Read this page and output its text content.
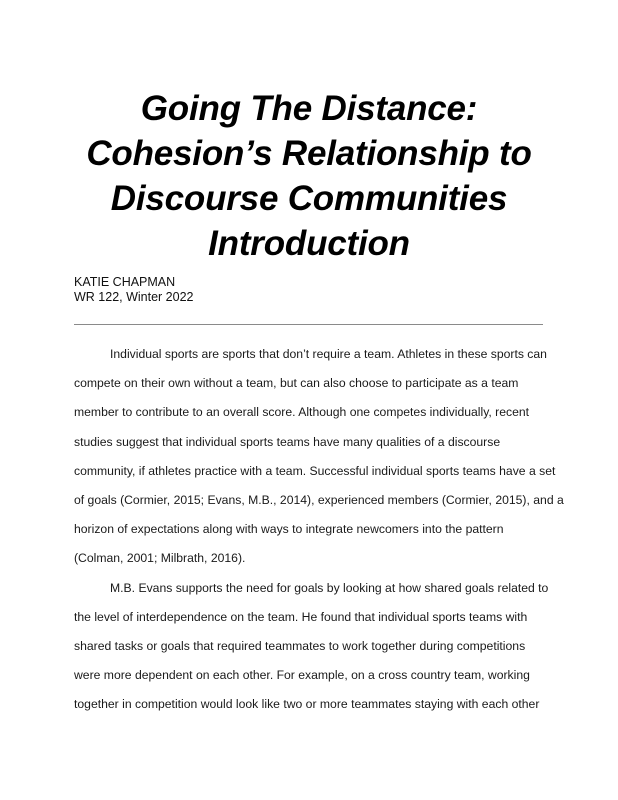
Going The Distance:
Cohesion’s Relationship to
Discourse Communities
Introduction
KATIE CHAPMAN
WR 122, Winter 2022

Individual sports are sports that don’t require a team. Athletes in these sports can
compete on their own without a team, but can also choose to participate as a team
member to contribute to an overall score. Although one competes individually, recent
studies suggest that individual sports teams have many qualities of a discourse
community, if athletes practice with a team. Successful individual sports teams have a set
of goals (Cormier, 2015; Evans, M.B., 2014), experienced members (Cormier, 2015), and a
horizon of expectations along with ways to integrate newcomers into the pattern
(Colman, 2001; Milbrath, 2016).

M.B. Evans supports the need for goals by looking at how shared goals related to
the level of interdependence on the team. He found that individual sports teams with
shared tasks or goals that required teammates to work together during competitions
were more dependent on each other. For example, on a cross country team, working
together in competition would look like two or more teammates staying with each other
